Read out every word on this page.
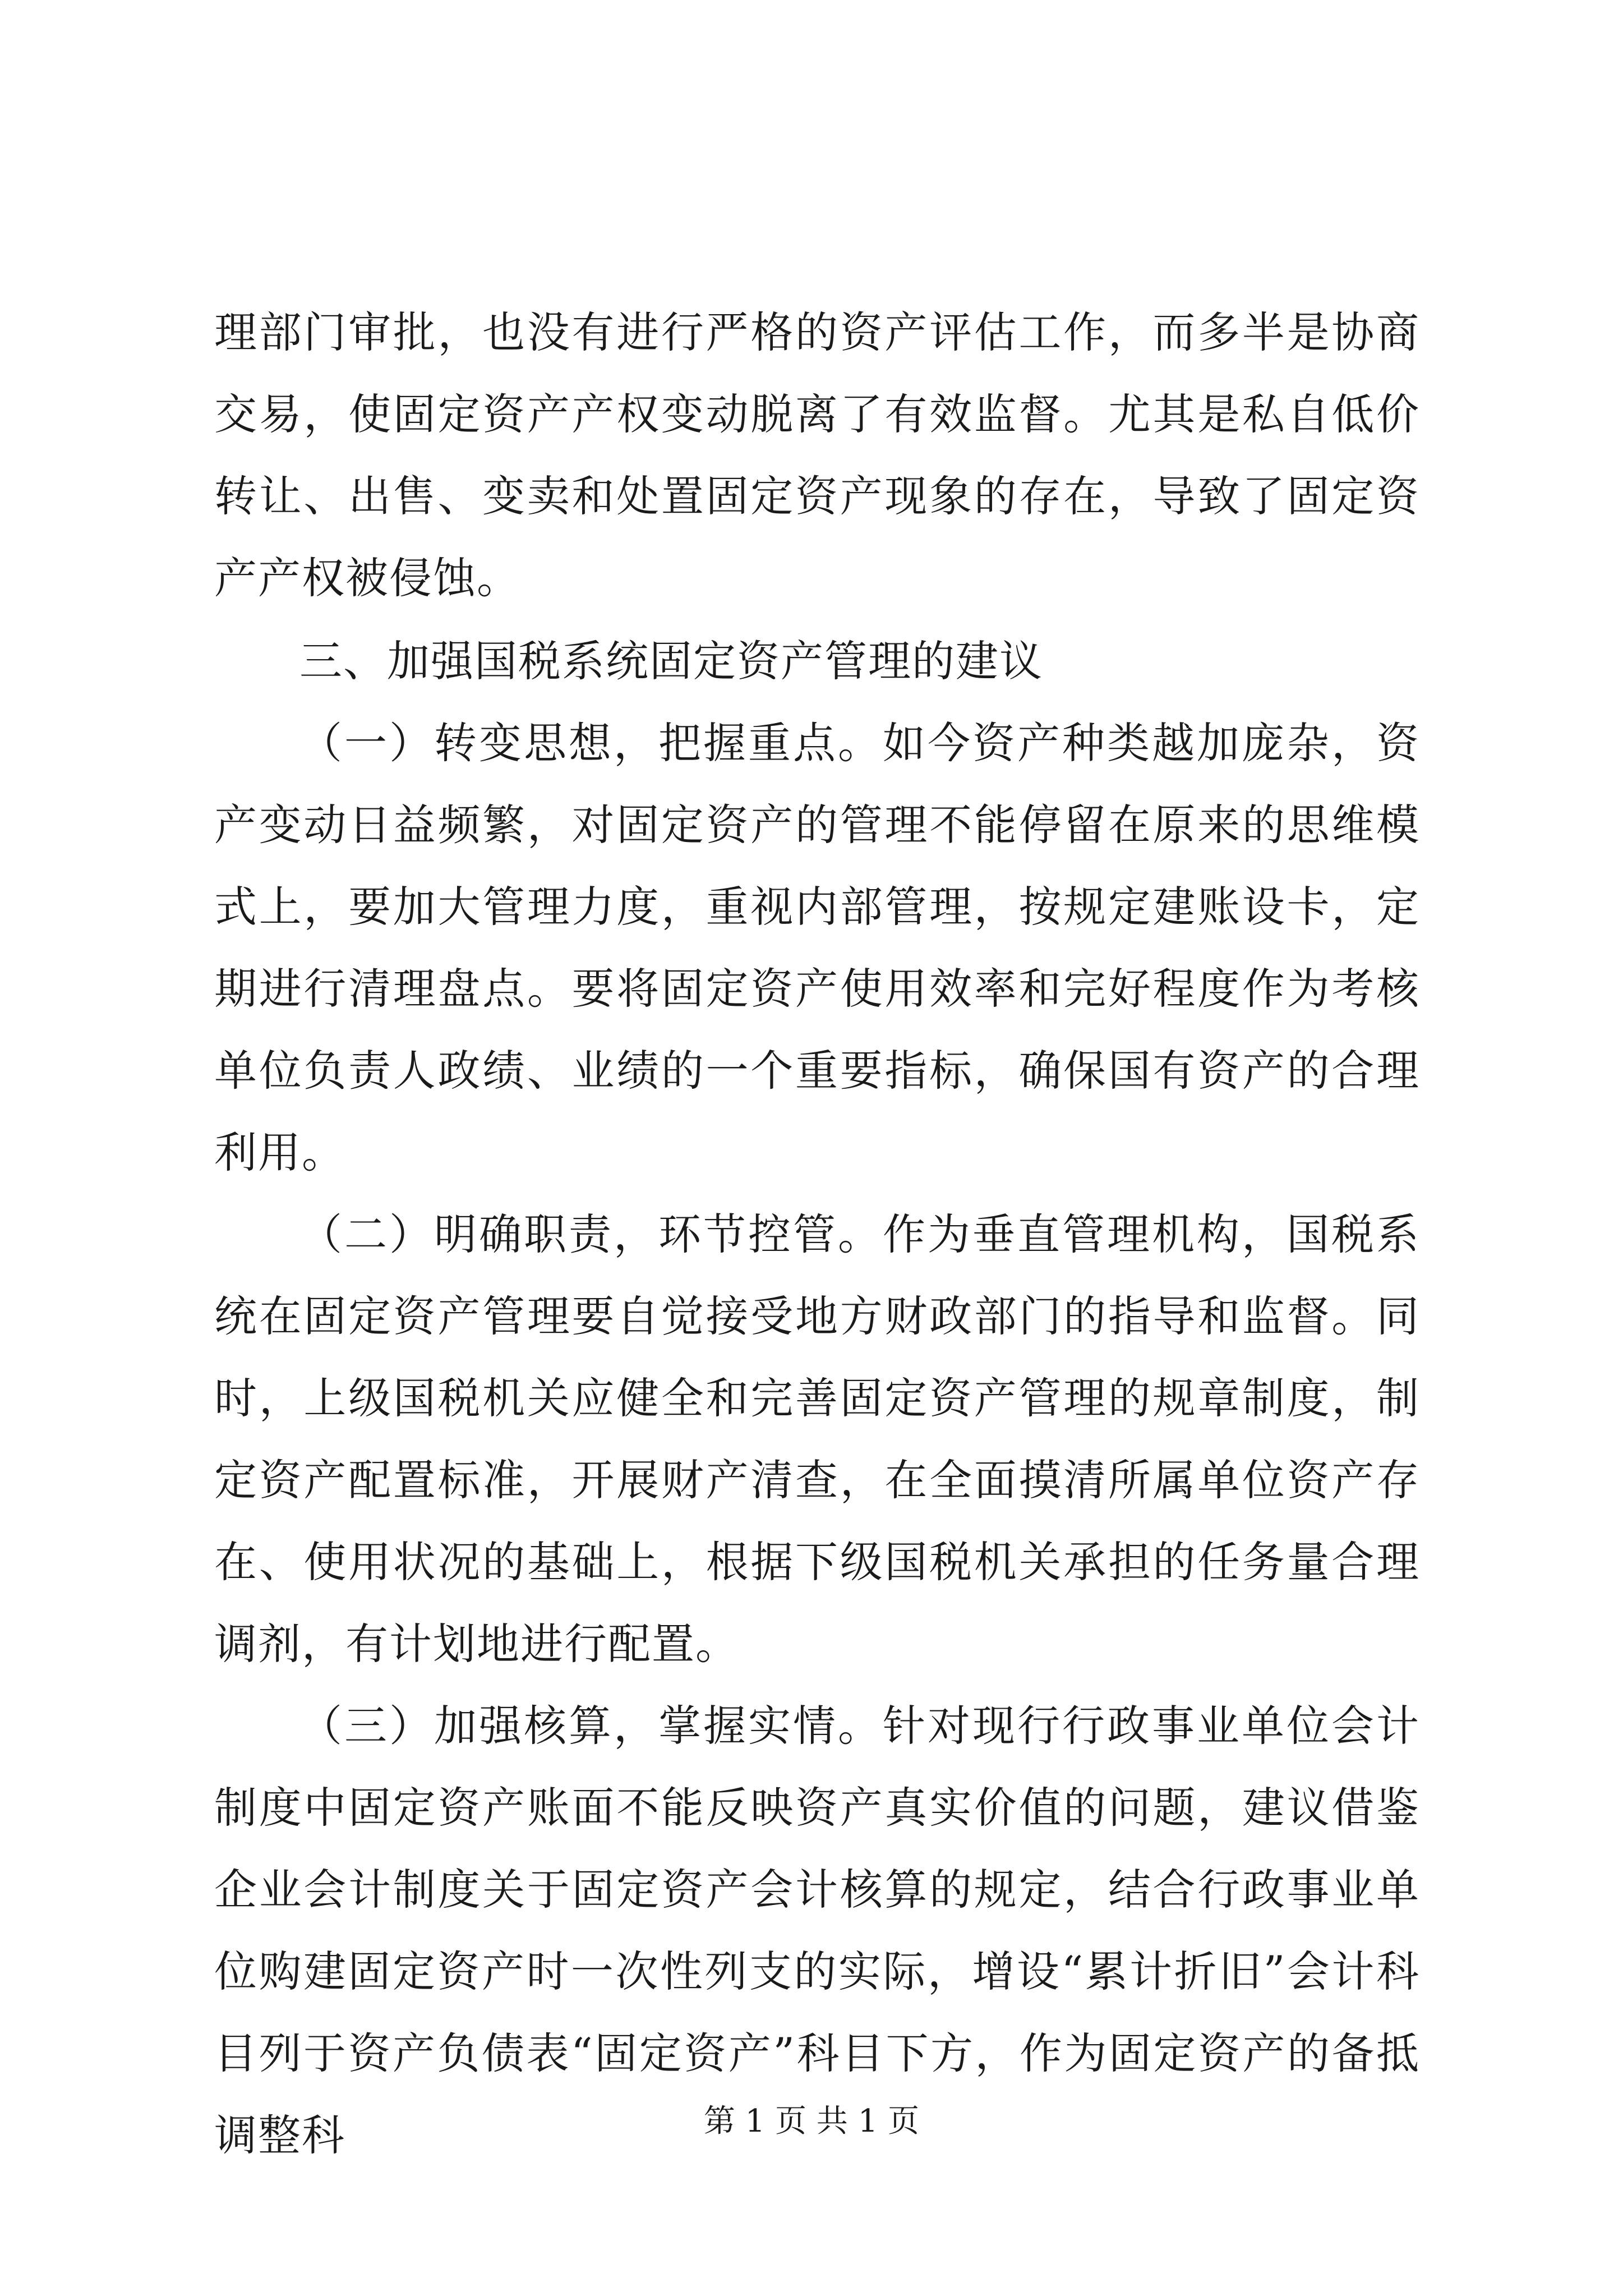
理部门审批，也没有进行严格的资产评估工作，而多半是协商交易，使固定资产产权变动脱离了有效监督。尤其是私自低价转让、出售、变卖和处置固定资产现象的存在，导致了固定资产产权被侵蚀。

三、加强国税系统固定资产管理的建议

（一）转变思想，把握重点。如今资产种类越加庞杂，资产变动日益频繁，对固定资产的管理不能停留在原来的思维模式上，要加大管理力度，重视内部管理，按规定建账设卡，定期进行清理盘点。要将固定资产使用效率和完好程度作为考核单位负责人政绩、业绩的一个重要指标，确保国有资产的合理利用。

（二）明确职责，环节控管。作为垂直管理机构，国税系统在固定资产管理要自觉接受地方财政部门的指导和监督。同时，上级国税机关应健全和完善固定资产管理的规章制度，制定资产配置标准，开展财产清查，在全面摸清所属单位资产存在、使用状况的基础上，根据下级国税机关承担的任务量合理调剂，有计划地进行配置。

（三）加强核算，掌握实情。针对现行行政事业单位会计制度中固定资产账面不能反映资产真实价值的问题，建议借鉴企业会计制度关于固定资产会计核算的规定，结合行政事业单位购建固定资产时一次性列支的实际，增设“累计折旧”会计科目列于资产负债表“固定资产”科目下方，作为固定资产的备抵调整科	第 1 页 共 1 页
